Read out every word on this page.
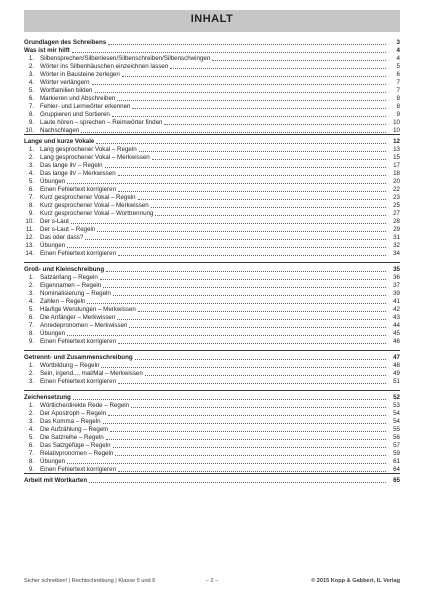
INHALT
Grundlagen des Schreibens	3
Was ist mir hilft	4
1. Silbensprechen/Silbenlesen/Silbenschreiben/Silbenschwingen	4
2. Wörter ins Silbenhäuschen einzeichnen lassen	5
3. Wörter in Bausteine zerlegen	6
4. Wörter verlängern	7
5. Wortfamilien bilden	7
6. Markieren und Abschreiben	8
7. Fehler- und Lernwörter erkennen	8
8. Gruppieren und Sortieren	9
9. Laute hören – sprechen – Reimwörter finden	10
10. Nachschlagen	10
Lange und kurze Vokale	12
1. Lang gesprochener Vokal – Regeln	13
2. Lang gesprochener Vokal – Merkwissen	15
3. Das lange ih/ – Regeln	17
4. Das lange ih/ – Merkwissen	18
5. Übungen	20
6. Einen Fehlertext korrigieren	22
7. Kurz gesprochener Vokal – Regeln	23
8. Kurz gesprochener Vokal – Merkwissen	25
9. Kurz gesprochener Vokal – Worttrennung	27
10. Der s-Laut	28
11. Der s-Laut – Regeln	29
12. Das oder dass?	31
13. Übungen	32
14. Einen Fehlertext korrigieren	34
Groß- und Kleinschreibung	35
1. Satzanfang – Regeln	36
2. Eigennamen – Regeln	37
3. Nominalisierung – Regeln	39
4. Zahlen – Regeln	41
5. Häufige Wendungen – Merkwissen	42
6. Die Anfänger – Merkwissen	43
7. Anredepronomen – Merkwissen	44
8. Übungen	45
9. Einen Fehlertext korrigieren	46
Getrennt- und Zusammenschreibung	47
1. Wortbildung – Regeln	48
2. Sein, irgend..., mal/Mal – Merkwissen	49
3. Einen Fehlertext korrigieren	51
Zeichensetzung	52
1. Wörtliche/direkte Rede – Regeln	53
2. Der Apostroph – Regeln	54
3. Das Komma – Regeln	54
4. Die Aufzählung – Regeln	55
5. Die Satzreihe – Regeln	56
6. Das Satzgefüge – Regeln	57
7. Relativpronomen – Regeln	59
8. Übungen	61
9. Einen Fehlertext korrigieren	64
Arbeit mit Wortkarten	65
Sicher schreiben! | Rechtschreibung | Klasse 5 und 6	– 2 –	© 2015 Kopp & Gabbert, IL Verlag
